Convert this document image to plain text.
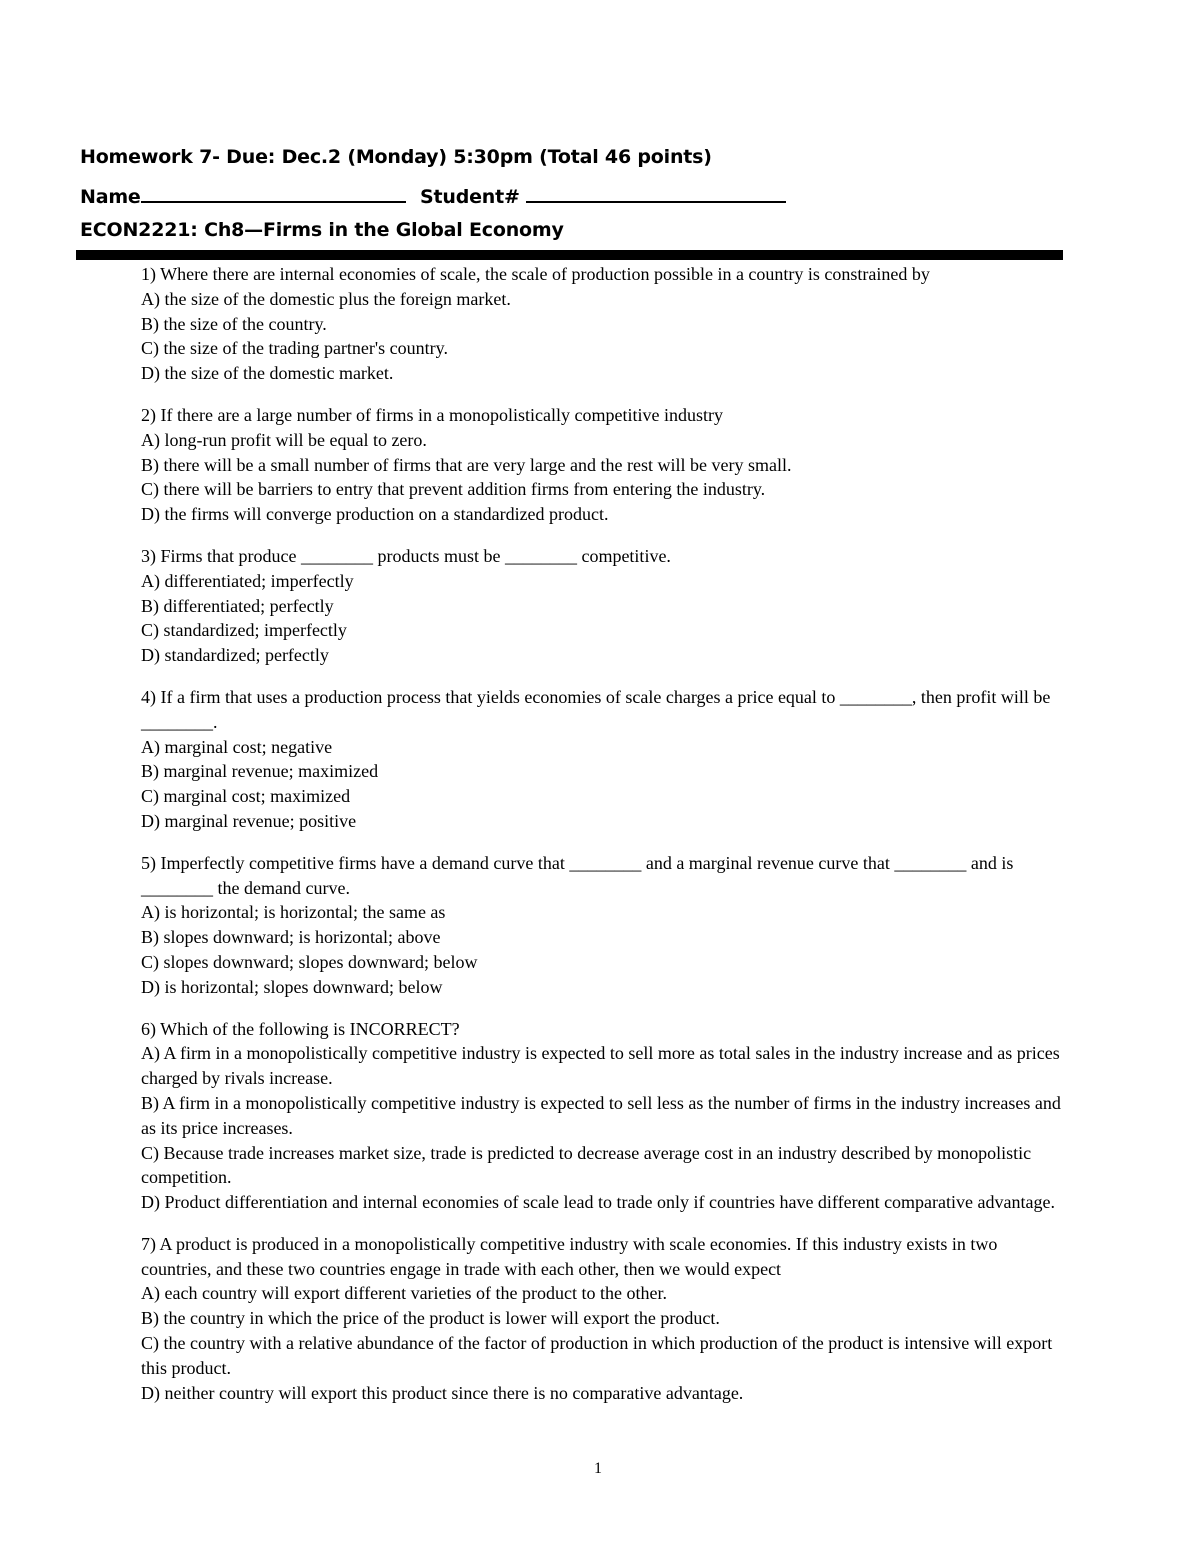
Homework 7- Due: Dec.2 (Monday) 5:30pm (Total 46 points)
Name	Student#
ECON2221: Ch8—Firms in the Global Economy

1) Where there are internal economies of scale, the scale of production possible in a country is constrained by

A) the size of the domestic plus the foreign market.

B) the size of the country.

C) the size of the trading partner's country.

D) the size of the domestic market.

2) If there are a large number of firms in a monopolistically competitive industry

A) long-run profit will be equal to zero.

B) there will be a small number of firms that are very large and the rest will be very small.

C) there will be barriers to entry that prevent addition firms from entering the industry.

D) the firms will converge production on a standardized product.

3) Firms that produce ________ products must be ________ competitive.

A) differentiated; imperfectly

B) differentiated; perfectly

C) standardized; imperfectly

D) standardized; perfectly

4) If a firm that uses a production process that yields economies of scale charges a price equal to ________, then profit will be ________.

A) marginal cost; negative

B) marginal revenue; maximized

C) marginal cost; maximized

D) marginal revenue; positive

5) Imperfectly competitive firms have a demand curve that ________ and a marginal revenue curve that ________ and is ________ the demand curve.

A) is horizontal; is horizontal; the same as

B) slopes downward; is horizontal; above

C) slopes downward; slopes downward; below

D) is horizontal; slopes downward; below

6) Which of the following is INCORRECT?

A) A firm in a monopolistically competitive industry is expected to sell more as total sales in the industry increase and as prices charged by rivals increase.

B) A firm in a monopolistically competitive industry is expected to sell less as the number of firms in the industry increases and as its price increases.

C) Because trade increases market size, trade is predicted to decrease average cost in an industry described by monopolistic competition.

D) Product differentiation and internal economies of scale lead to trade only if countries have different comparative advantage.

7) A product is produced in a monopolistically competitive industry with scale economies. If this industry exists in two countries, and these two countries engage in trade with each other, then we would expect

A) each country will export different varieties of the product to the other.

B) the country in which the price of the product is lower will export the product.

C) the country with a relative abundance of the factor of production in which production of the product is intensive will export this product.

D) neither country will export this product since there is no comparative advantage.

1
